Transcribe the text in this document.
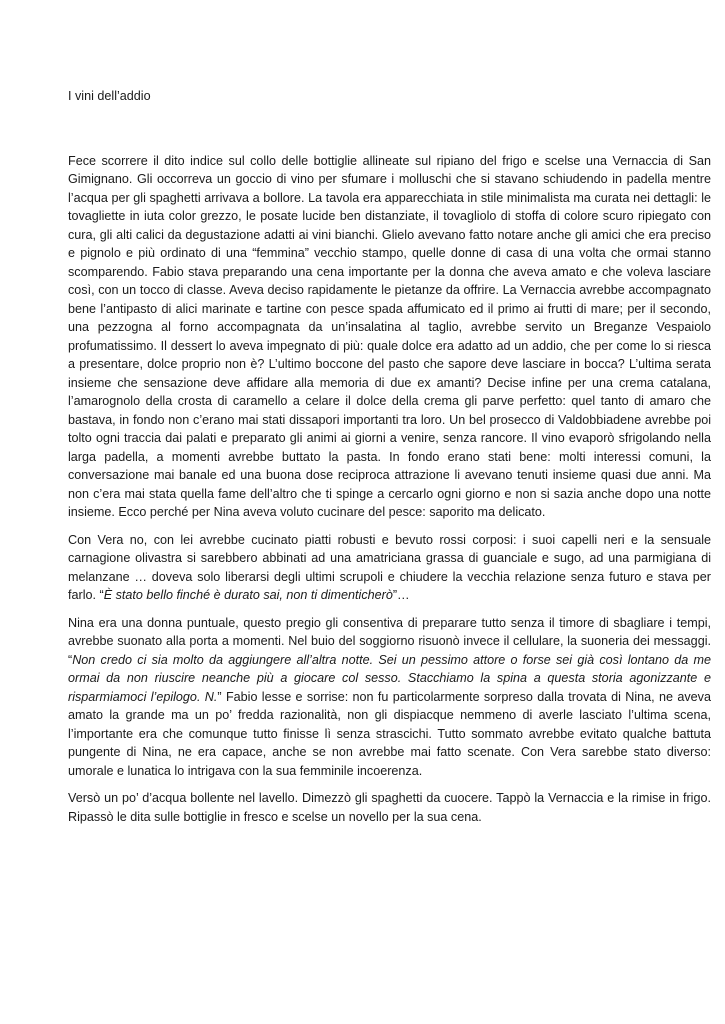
I vini dell’addio

Fece scorrere il dito indice sul collo delle bottiglie allineate sul ripiano del frigo e scelse una Vernaccia di San Gimignano. Gli occorreva un goccio di vino per sfumare i molluschi che si stavano schiudendo in padella mentre l’acqua per gli spaghetti arrivava a bollore. La tavola era apparecchiata in stile minimalista ma curata nei dettagli: le tovagliette in iuta color grezzo, le posate lucide ben distanziate, il tovagliolo di stoffa di colore scuro ripiegato con cura, gli alti calici da degustazione adatti ai vini bianchi. Glielo avevano fatto notare anche gli amici che era preciso e pignolo e più ordinato di una “femmina” vecchio stampo, quelle donne di casa di una volta che ormai stanno scomparendo. Fabio stava preparando una cena importante per la donna che aveva amato e che voleva lasciare così, con un tocco di classe. Aveva deciso rapidamente le pietanze da offrire. La Vernaccia avrebbe accompagnato bene l’antipasto di alici marinate e tartine con pesce spada affumicato ed il primo ai frutti di mare; per il secondo, una pezzogna al forno accompagnata da un’insalatina al taglio, avrebbe servito un Breganze Vespaiolo profumatissimo. Il dessert lo aveva impegnato di più: quale dolce era adatto ad un addio, che per come lo si riesca a presentare, dolce proprio non è? L’ultimo boccone del pasto che sapore deve lasciare in bocca? L’ultima serata insieme che sensazione deve affidare alla memoria di due ex amanti? Decise infine per una crema catalana, l’amarognolo della crosta di caramello a celare il dolce della crema gli parve perfetto: quel tanto di amaro che bastava, in fondo non c’erano mai stati dissapori importanti tra loro. Un bel prosecco di Valdobbiadene avrebbe poi tolto ogni traccia dai palati e preparato gli animi ai giorni a venire, senza rancore. Il vino evaporò sfrigolando nella larga padella, a momenti avrebbe buttato la pasta. In fondo erano stati bene: molti interessi comuni, la conversazione mai banale ed una buona dose reciproca attrazione li avevano tenuti insieme quasi due anni. Ma non c’era mai stata quella fame dell’altro che ti spinge a cercarlo ogni giorno e non si sazia anche dopo una notte insieme. Ecco perché per Nina aveva voluto cucinare del pesce: saporito ma delicato.

Con Vera no, con lei avrebbe cucinato piatti robusti e bevuto rossi corposi: i suoi capelli neri e la sensuale carnagione olivastra si sarebbero abbinati ad una amatriciana grassa di guanciale e sugo, ad una parmigiana di melanzane … doveva solo liberarsi degli ultimi scrupoli e chiudere la vecchia relazione senza futuro e stava per farlo. “È stato bello finché è durato sai, non ti dimenticherò”…

Nina era una donna puntuale, questo pregio gli consentiva di preparare tutto senza il timore di sbagliare i tempi, avrebbe suonato alla porta a momenti. Nel buio del soggiorno risuonò invece il cellulare, la suoneria dei messaggi. “Non credo ci sia molto da aggiungere all’altra notte. Sei un pessimo attore o forse sei già così lontano da me ormai da non riuscire neanche più a giocare col sesso. Stacchiamo la spina a questa storia agonizzante e risparmiamoci l’epilogo. N.” Fabio lesse e sorrise: non fu particolarmente sorpreso dalla trovata di Nina, ne aveva amato la grande ma un po’ fredda razionalità, non gli dispiacque nemmeno di averle lasciato l’ultima scena, l’importante era che comunque tutto finisse lì senza strascichi. Tutto sommato avrebbe evitato qualche battuta pungente di Nina, ne era capace, anche se non avrebbe mai fatto scenate. Con Vera sarebbe stato diverso: umorale e lunatica lo intrigava con la sua femminile incoerenza.

Versò un po’ d’acqua bollente nel lavello. Dimezzò gli spaghetti da cuocere. Tappò la Vernaccia e la rimise in frigo. Ripassò le dita sulle bottiglie in fresco e scelse un novello per la sua cena.
